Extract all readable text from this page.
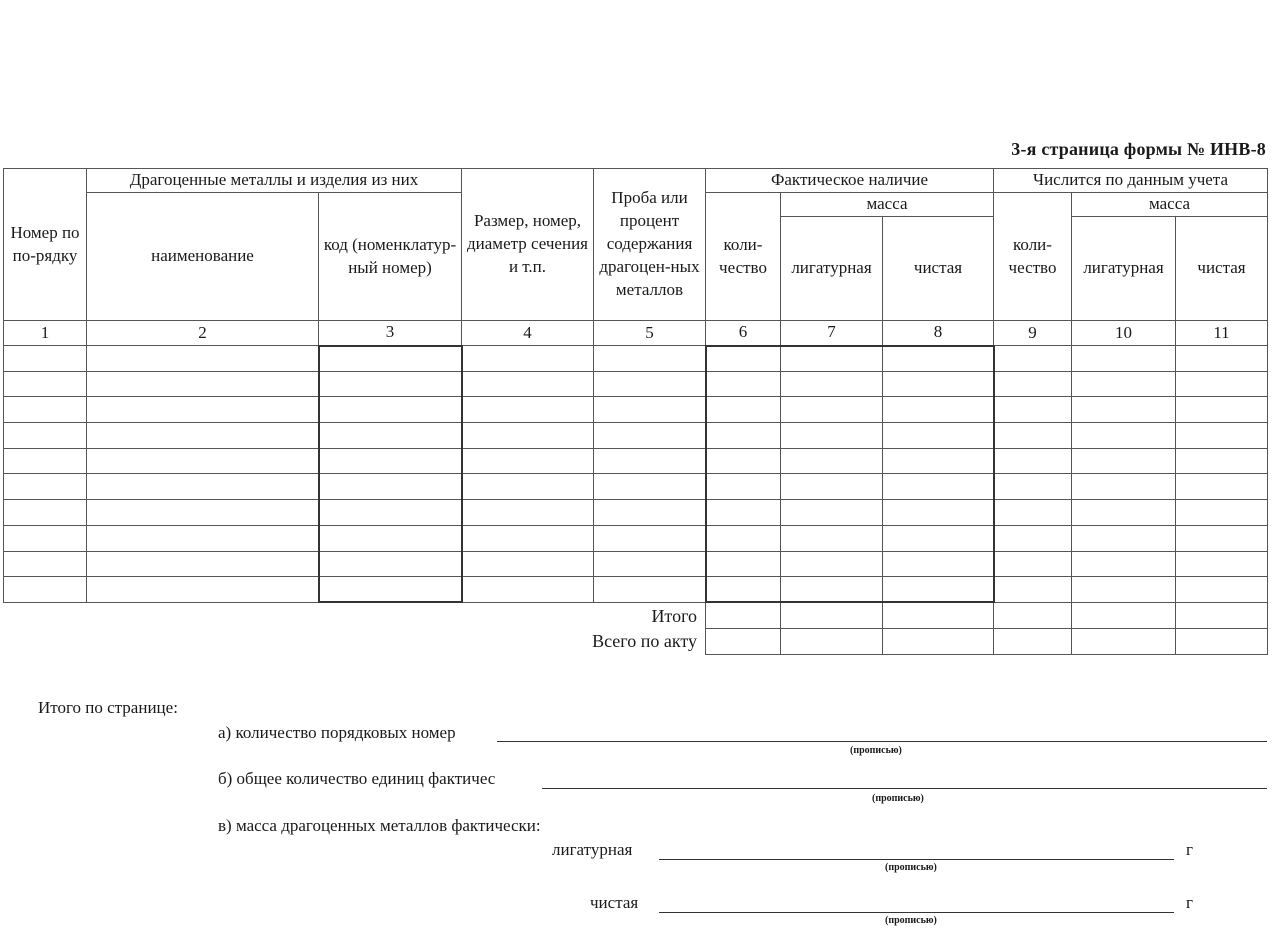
3-я страница формы № ИНВ-8
Номер по по-рядку	Драгоценные металлы и изделия из них		Размер, номер, диаметр сечения и т.п.	Проба или процент содержания драгоцен-ных металлов	Фактическое наличие			Числится по данным учета		
	наименование	код (номенклатур-ный номер)			коли-чество	масса		коли-чество	масса	
						лигатурная	чистая		лигатурная	чистая
1	2	3	4	5	6	7	8	9	10	11

Итого										
Всего по акту										
Итого по странице:
а) количество порядковых номер
(прописью)
б) общее количество единиц фактичес
(прописью)
в) масса драгоценных металлов фактически:
лигатурная	г
(прописью)
чистая	г
(прописью)
